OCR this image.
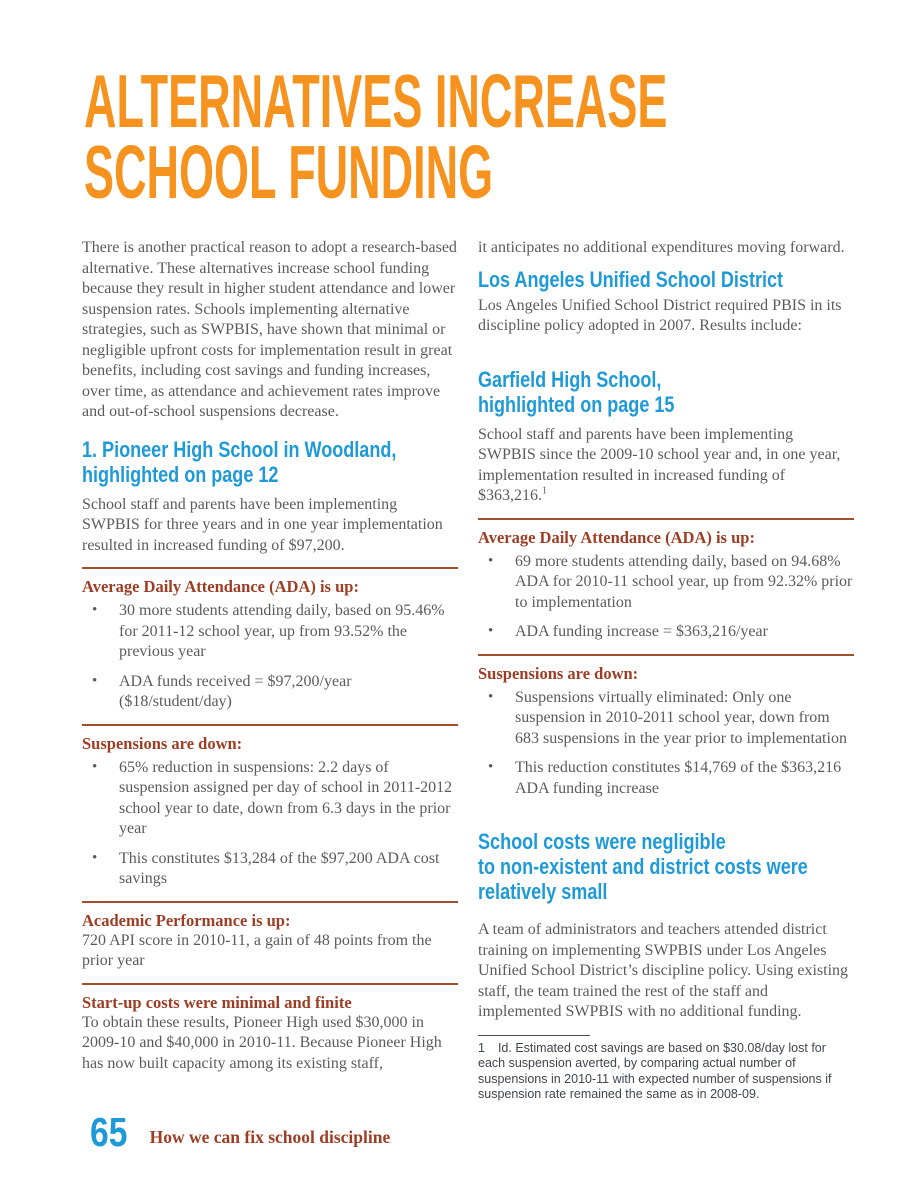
ALTERNATIVES INCREASE
SCHOOL FUNDING

There is another practical reason to adopt a research-based alternative. These alternatives increase school funding because they result in higher student attendance and lower suspension rates. Schools implementing alternative strategies, such as SWPBIS, have shown that minimal or negligible upfront costs for implementation result in great benefits, including cost savings and funding increases, over time, as attendance and achievement rates improve and out-of-school suspensions decrease.

1. Pioneer High School in Woodland,
highlighted on page 12

School staff and parents have been implementing SWPBIS for three years and in one year implementation resulted in increased funding of $97,200.

Average Daily Attendance (ADA) is up:
• 30 more students attending daily, based on 95.46% for 2011-12 school year, up from 93.52% the previous year
• ADA funds received = $97,200/year ($18/student/day)
Suspensions are down:
• 65% reduction in suspensions: 2.2 days of suspension assigned per day of school in 2011-2012 school year to date, down from 6.3 days in the prior year
• This constitutes $13,284 of the $97,200 ADA cost savings
Academic Performance is up:

720 API score in 2010-11, a gain of 48 points from the prior year

Start-up costs were minimal and finite

To obtain these results, Pioneer High used $30,000 in 2009-10 and $40,000 in 2010-11. Because Pioneer High has now built capacity among its existing staff,

it anticipates no additional expenditures moving forward.

Los Angeles Unified School District

Los Angeles Unified School District required PBIS in its discipline policy adopted in 2007. Results include:

Garfield High School,
highlighted on page 15

School staff and parents have been implementing SWPBIS since the 2009-10 school year and, in one year, implementation resulted in increased funding of $363,216.$^1$

Average Daily Attendance (ADA) is up:
• 69 more students attending daily, based on 94.68% ADA for 2010-11 school year, up from 92.32% prior to implementation
• ADA funding increase = $363,216/year
Suspensions are down:
• Suspensions virtually eliminated: Only one suspension in 2010-2011 school year, down from 683 suspensions in the year prior to implementation
• This reduction constitutes $14,769 of the $363,216 ADA funding increase
School costs were negligible
to non-existent and district costs were
relatively small

A team of administrators and teachers attended district training on implementing SWPBIS under Los Angeles Unified School District’s discipline policy. Using existing staff, the team trained the rest of the staff and implemented SWPBIS with no additional funding.

1 Id. Estimated cost savings are based on $30.08/day lost for each suspension averted, by comparing actual number of suspensions in 2010-11 with expected number of suspensions if suspension rate remained the same as in 2008-09.
65 How we can fix school discipline
